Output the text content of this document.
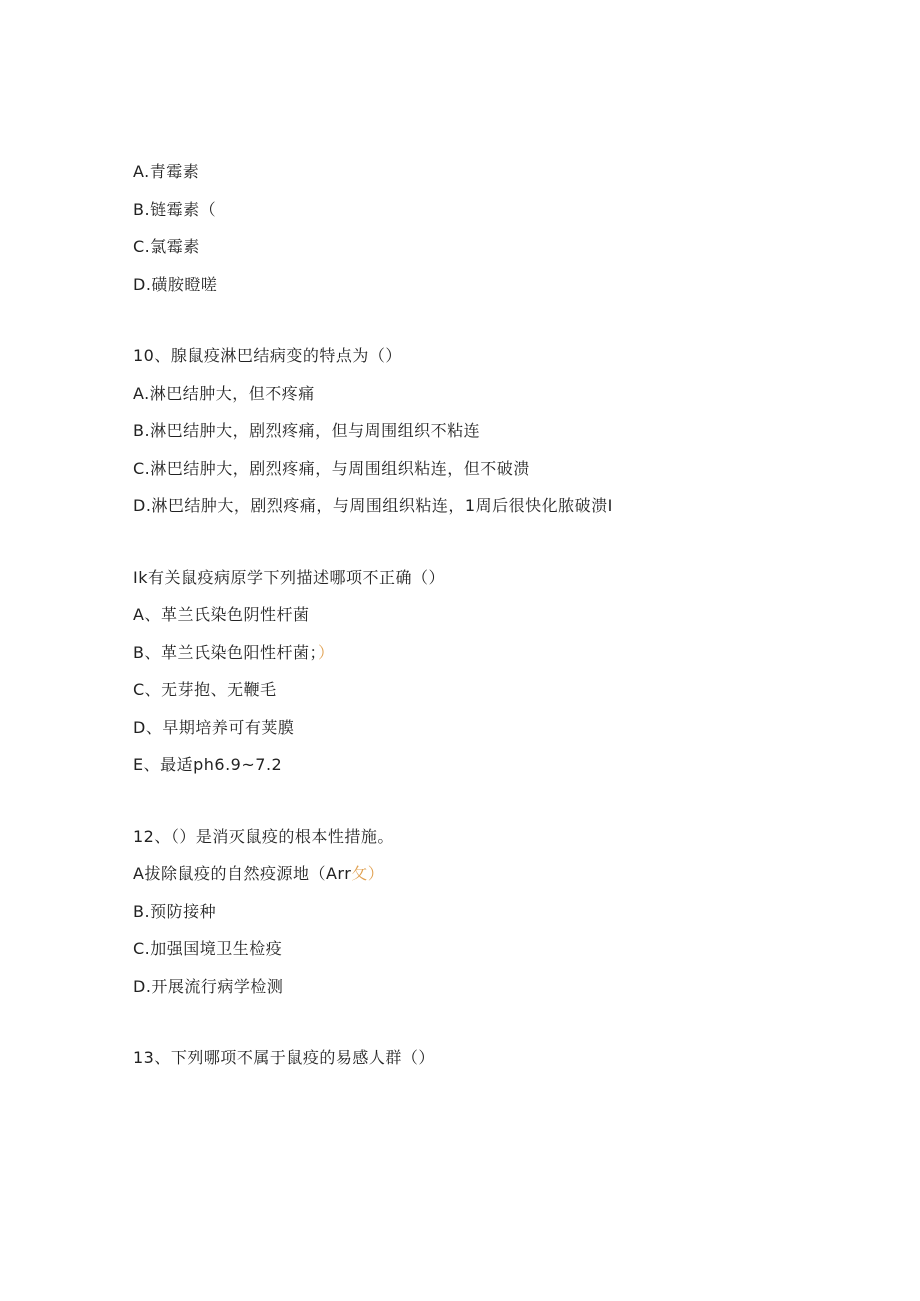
A.青霉素
B.链霉素（
C.氯霉素
D.磺胺瞪嗟
10、腺鼠疫淋巴结病变的特点为（）
A.淋巴结肿大，但不疼痛
B.淋巴结肿大，剧烈疼痛，但与周围组织不粘连
C.淋巴结肿大，剧烈疼痛，与周围组织粘连，但不破溃
D.淋巴结肿大，剧烈疼痛，与周围组织粘连，1周后很快化脓破溃I
Ik有关鼠疫病原学下列描述哪项不正确（）
A、革兰氏染色阴性杆菌
B、革兰氏染色阳性杆菌；）
C、无芽抱、无鞭毛
D、早期培养可有荚膜
E、最适ph6.9~7.2
12、（）是消灭鼠疫的根本性措施。
A拔除鼠疫的自然疫源地（Arr攵）
B.预防接种
C.加强国境卫生检疫
D.开展流行病学检测
13、下列哪项不属于鼠疫的易感人群（）
